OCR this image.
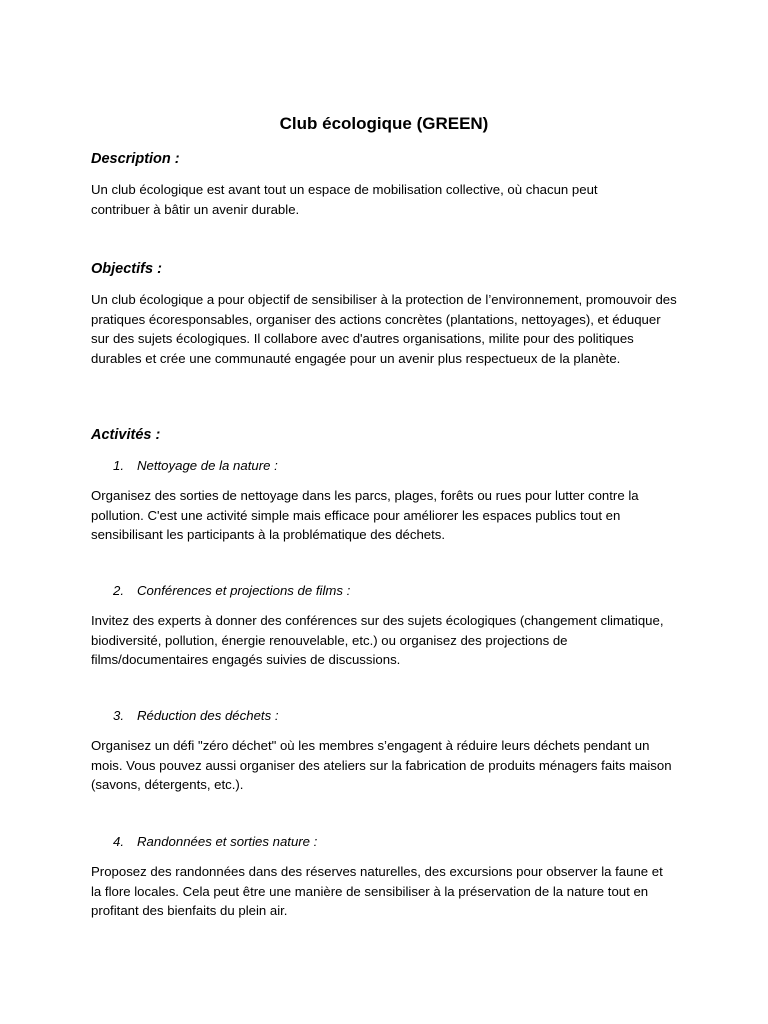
Club écologique (GREEN)
Description :

Un club écologique est avant tout un espace de mobilisation collective, où chacun peut contribuer à bâtir un avenir durable.

Objectifs :

Un club écologique a pour objectif de sensibiliser à la protection de l’environnement, promouvoir des pratiques écoresponsables, organiser des actions concrètes (plantations, nettoyages), et éduquer sur des sujets écologiques. Il collabore avec d'autres organisations, milite pour des politiques durables et crée une communauté engagée pour un avenir plus respectueux de la planète.

Activités :
1. Nettoyage de la nature :

Organisez des sorties de nettoyage dans les parcs, plages, forêts ou rues pour lutter contre la pollution. C'est une activité simple mais efficace pour améliorer les espaces publics tout en sensibilisant les participants à la problématique des déchets.

2. Conférences et projections de films :

Invitez des experts à donner des conférences sur des sujets écologiques (changement climatique, biodiversité, pollution, énergie renouvelable, etc.) ou organisez des projections de films/documentaires engagés suivies de discussions.

3. Réduction des déchets :

Organisez un défi "zéro déchet" où les membres s’engagent à réduire leurs déchets pendant un mois. Vous pouvez aussi organiser des ateliers sur la fabrication de produits ménagers faits maison (savons, détergents, etc.).

4. Randonnées et sorties nature :

Proposez des randonnées dans des réserves naturelles, des excursions pour observer la faune et la flore locales. Cela peut être une manière de sensibiliser à la préservation de la nature tout en profitant des bienfaits du plein air.
